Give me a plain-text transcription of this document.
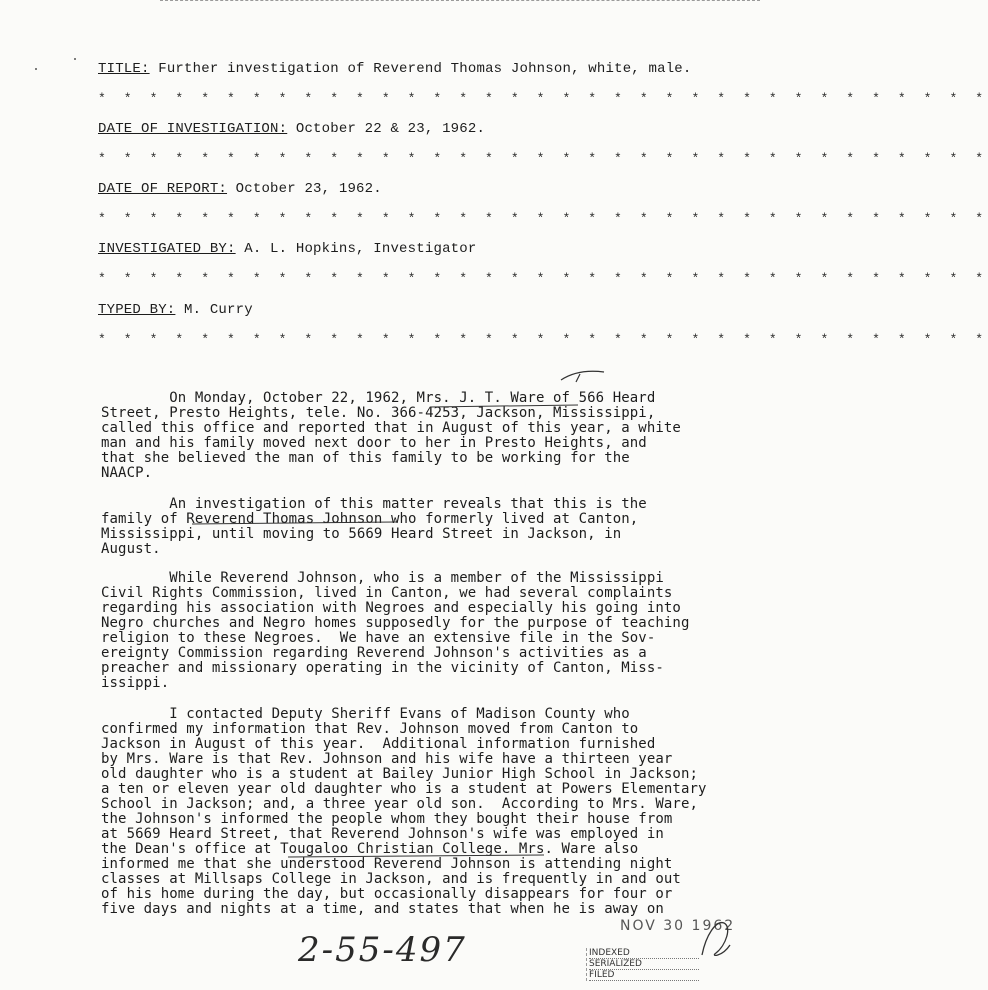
TITLE: Further investigation of Reverend Thomas Johnson, white, male.
* * * * * * * * * * * * * * * * * * * * * * * * * * * * * * * * * * *
DATE OF INVESTIGATION: October 22 & 23, 1962.
* * * * * * * * * * * * * * * * * * * * * * * * * * * * * * * * * * *
DATE OF REPORT: October 23, 1962.
* * * * * * * * * * * * * * * * * * * * * * * * * * * * * * * * * * *
INVESTIGATED BY: A. L. Hopkins, Investigator
* * * * * * * * * * * * * * * * * * * * * * * * * * * * * * * * * * *
TYPED BY: M. Curry
* * * * * * * * * * * * * * * * * * * * * * * * * * * * * * * * * * *
On Monday, October 22, 1962, Mrs. J. T. Ware of 566 Heard
Street, Presto Heights, tele. No. 366-4253, Jackson, Mississippi,
called this office and reported that in August of this year, a white
man and his family moved next door to her in Presto Heights, and
that she believed the man of this family to be working for the
NAACP.
An investigation of this matter reveals that this is the
family of Reverend Thomas Johnson who formerly lived at Canton,
Mississippi, until moving to 5669 Heard Street in Jackson, in
August.
While Reverend Johnson, who is a member of the Mississippi
Civil Rights Commission, lived in Canton, we had several complaints
regarding his association with Negroes and especially his going into
Negro churches and Negro homes supposedly for the purpose of teaching
religion to these Negroes.  We have an extensive file in the Sov-
ereignty Commission regarding Reverend Johnson's activities as a
preacher and missionary operating in the vicinity of Canton, Miss-
issippi.
I contacted Deputy Sheriff Evans of Madison County who
confirmed my information that Rev. Johnson moved from Canton to
Jackson in August of this year.  Additional information furnished
by Mrs. Ware is that Rev. Johnson and his wife have a thirteen year
old daughter who is a student at Bailey Junior High School in Jackson;
a ten or eleven year old daughter who is a student at Powers Elementary
School in Jackson; and, a three year old son.  According to Mrs. Ware,
the Johnson's informed the people whom they bought their house from
at 5669 Heard Street, that Reverend Johnson's wife was employed in
the Dean's office at Tougaloo Christian College. Mrs. Ware also
informed me that she understood Reverend Johnson is attending night
classes at Millsaps College in Jackson, and is frequently in and out
of his home during the day, but occasionally disappears for four or
five days and nights at a time, and states that when he is away on
2-55-497
NOV 30 1962
INDEXED
SERIALIZED
FILED
